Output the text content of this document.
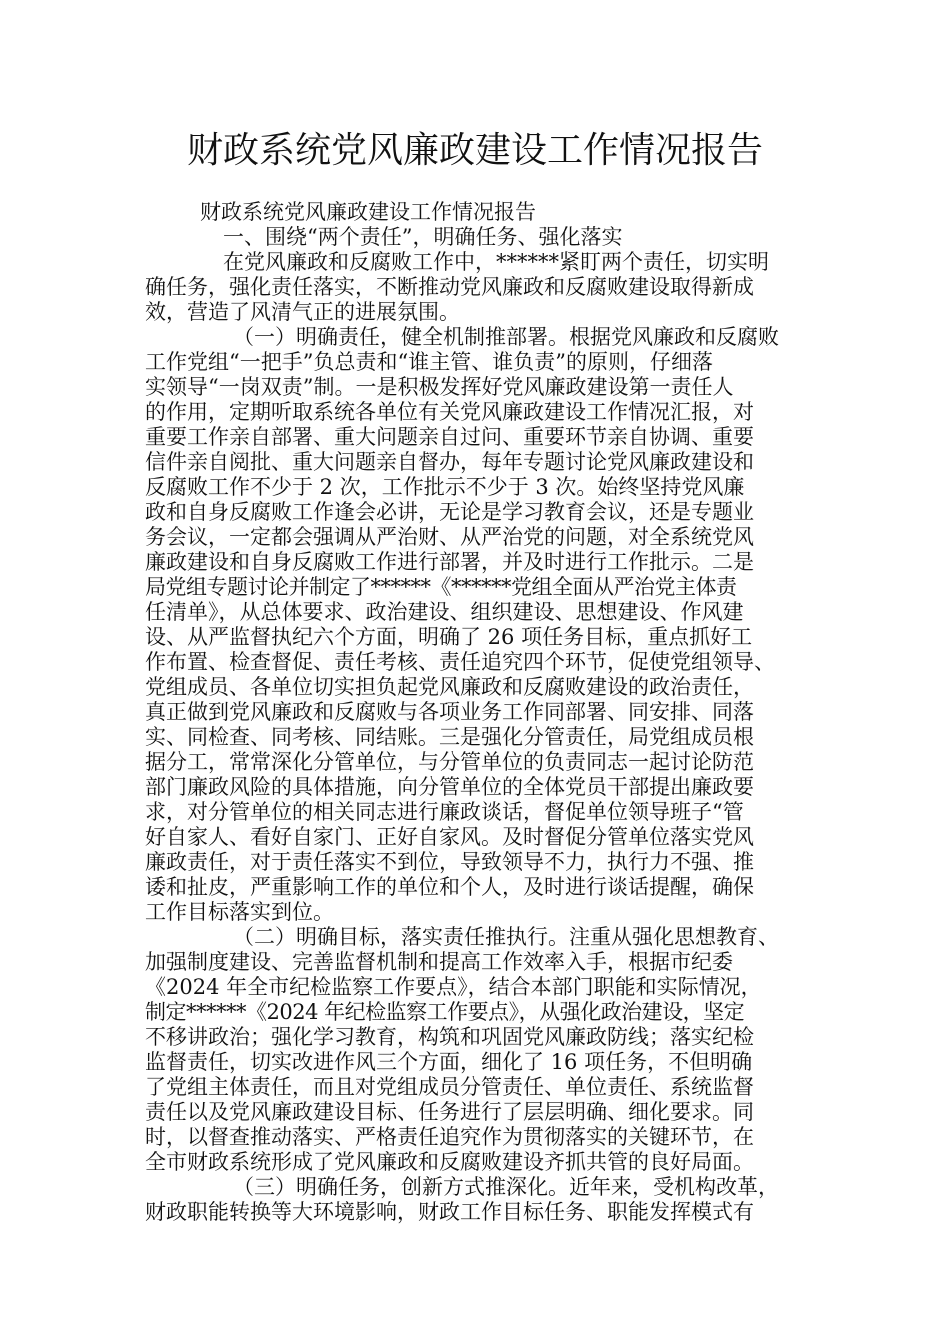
财政系统党风廉政建设工作情况报告
财政系统党风廉政建设工作情况报告
一、围绕“两个责任”，明确任务、强化落实
在党风廉政和反腐败工作中，******紧盯两个责任，切实明
确任务，强化责任落实，不断推动党风廉政和反腐败建设取得新成
效，营造了风清气正的进展氛围。
（一）明确责任，健全机制推部署。根据党风廉政和反腐败
工作党组“一把手”负总责和“谁主管、谁负责”的原则，仔细落
实领导“一岗双责”制。一是积极发挥好党风廉政建设第一责任人
的作用，定期听取系统各单位有关党风廉政建设工作情况汇报，对
重要工作亲自部署、重大问题亲自过问、重要环节亲自协调、重要
信件亲自阅批、重大问题亲自督办，每年专题讨论党风廉政建设和
反腐败工作不少于 2 次，工作批示不少于 3 次。始终坚持党风廉
政和自身反腐败工作逢会必讲，无论是学习教育会议，还是专题业
务会议，一定都会强调从严治财、从严治党的问题，对全系统党风
廉政建设和自身反腐败工作进行部署，并及时进行工作批示。二是
局党组专题讨论并制定了******《******党组全面从严治党主体责
任清单》，从总体要求、政治建设、组织建设、思想建设、作风建
设、从严监督执纪六个方面，明确了 26 项任务目标，重点抓好工
作布置、检查督促、责任考核、责任追究四个环节，促使党组领导、
党组成员、各单位切实担负起党风廉政和反腐败建设的政治责任，
真正做到党风廉政和反腐败与各项业务工作同部署、同安排、同落
实、同检查、同考核、同结账。三是强化分管责任，局党组成员根
据分工，常常深化分管单位，与分管单位的负责同志一起讨论防范
部门廉政风险的具体措施，向分管单位的全体党员干部提出廉政要
求，对分管单位的相关同志进行廉政谈话，督促单位领导班子“管
好自家人、看好自家门、正好自家风。及时督促分管单位落实党风
廉政责任，对于责任落实不到位，导致领导不力，执行力不强、推
诿和扯皮，严重影响工作的单位和个人，及时进行谈话提醒，确保
工作目标落实到位。
（二）明确目标，落实责任推执行。注重从强化思想教育、
加强制度建设、完善监督机制和提高工作效率入手，根据市纪委
《2024 年全市纪检监察工作要点》，结合本部门职能和实际情况，
制定******《2024 年纪检监察工作要点》，从强化政治建设，坚定
不移讲政治；强化学习教育，构筑和巩固党风廉政防线；落实纪检
监督责任，切实改进作风三个方面，细化了 16 项任务，不但明确
了党组主体责任，而且对党组成员分管责任、单位责任、系统监督
责任以及党风廉政建设目标、任务进行了层层明确、细化要求。同
时，以督查推动落实、严格责任追究作为贯彻落实的关键环节，在
全市财政系统形成了党风廉政和反腐败建设齐抓共管的良好局面。
（三）明确任务，创新方式推深化。近年来，受机构改革，
财政职能转换等大环境影响，财政工作目标任务、职能发挥模式有
